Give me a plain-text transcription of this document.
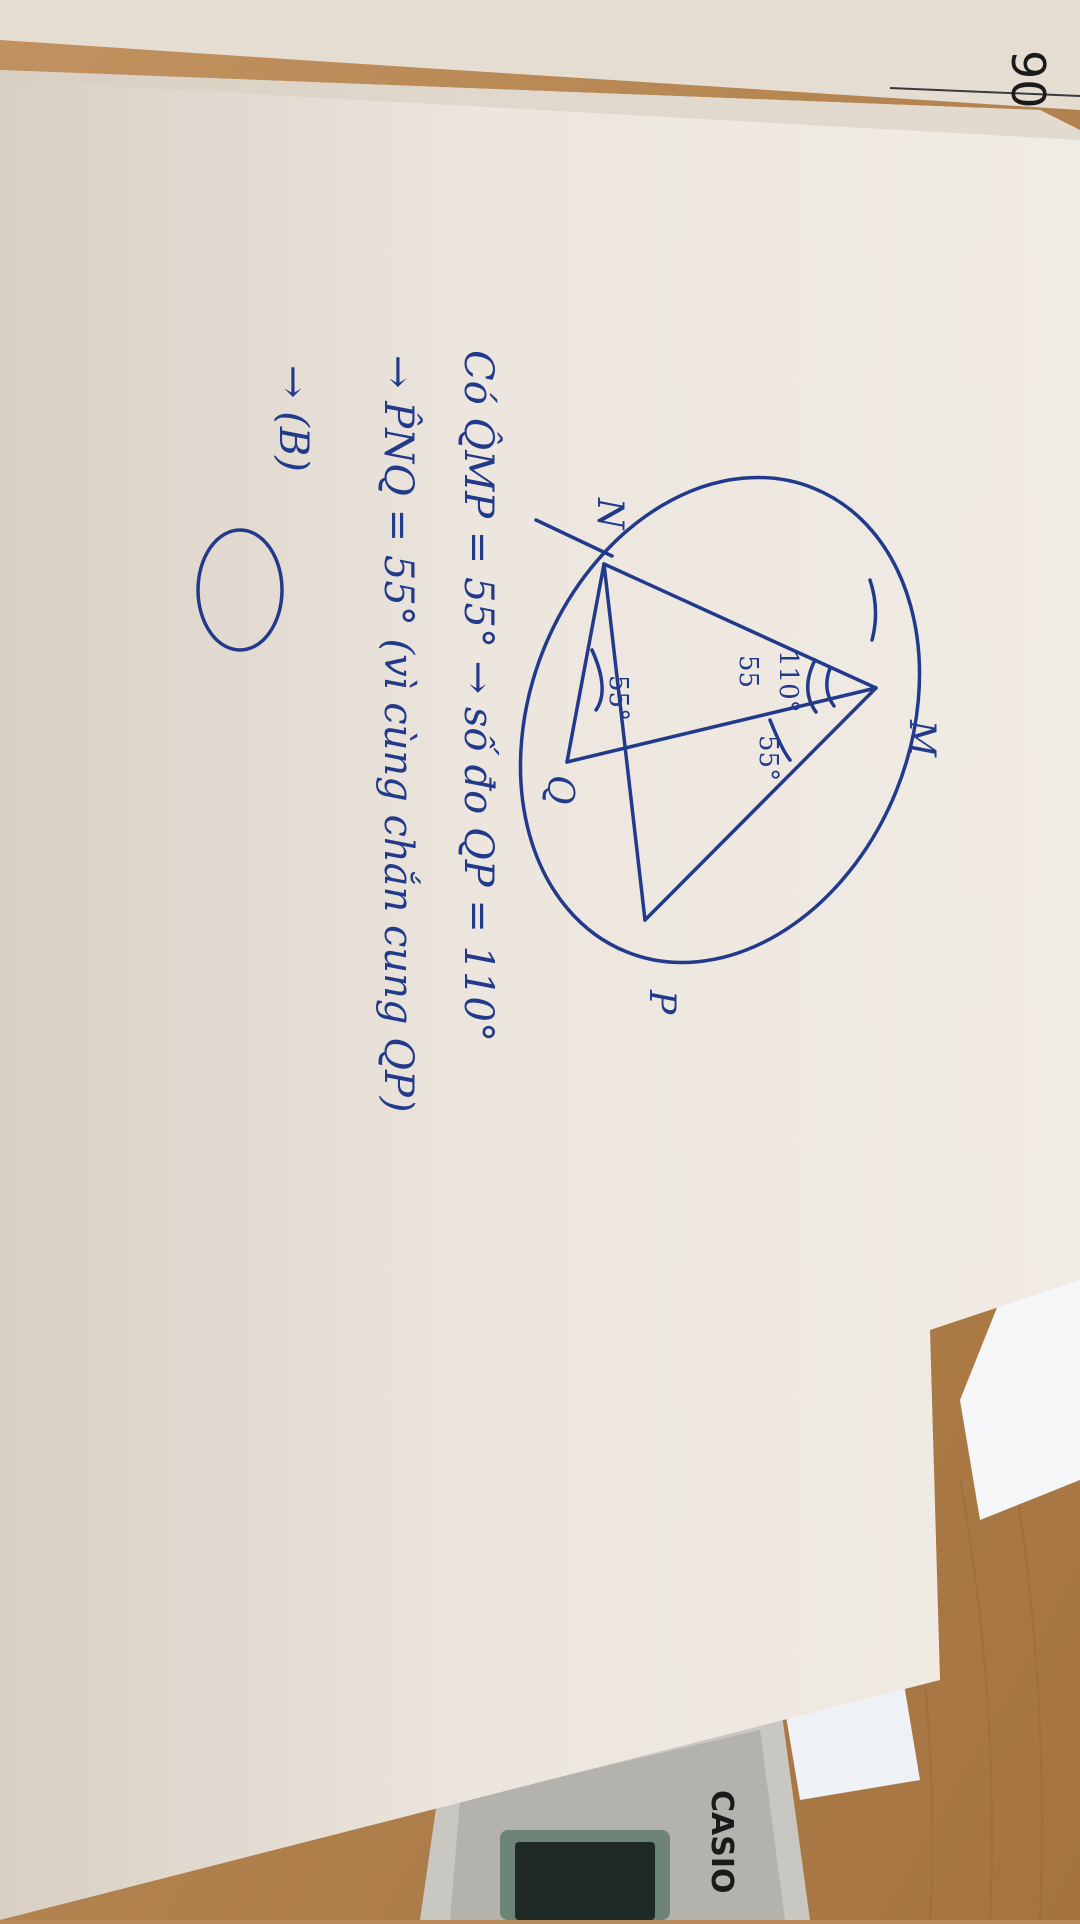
90
CASIO
M
N
Q
P
110°
55
55°
55°
Có Q̂MP = 55° → số đo QP = 110°
→ P̂NQ = 55° (vì cùng chắn cung QP)
→ (B)
